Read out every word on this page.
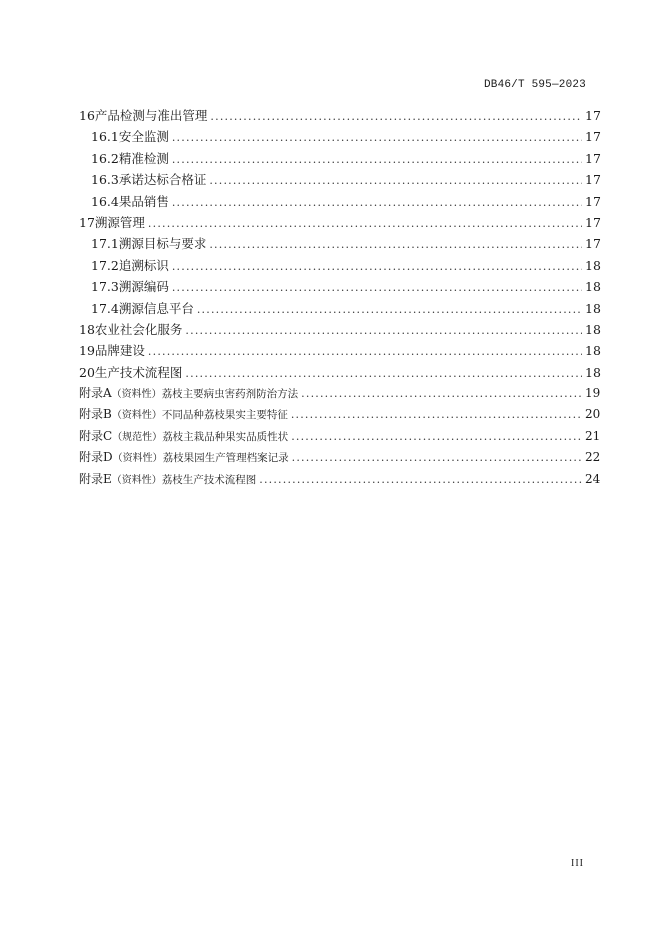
DB46/T 595—2023
16 产品检测与准出管理 .....	17
16.1 安全监测 .....	17
16.2 精准检测 .....	17
16.3 承诺达标合格证 .....	17
16.4 果品销售 .....	17
17 溯源管理 .....	17
17.1 溯源目标与要求 .....	17
17.2 追溯标识 .....	18
17.3 溯源编码 .....	18
17.4 溯源信息平台 .....	18
18 农业社会化服务 .....	18
19 品牌建设 .....	18
20 生产技术流程图 .....	18
附录A（资料性） 荔枝主要病虫害药剂防治方法 .....	19
附录B（资料性） 不同品种荔枝果实主要特征 .....	20
附录C（规范性） 荔枝主栽品种果实品质性状 .....	21
附录D（资料性） 荔枝果园生产管理档案记录 .....	22
附录E（资料性） 荔枝生产技术流程图 .....	24
III
